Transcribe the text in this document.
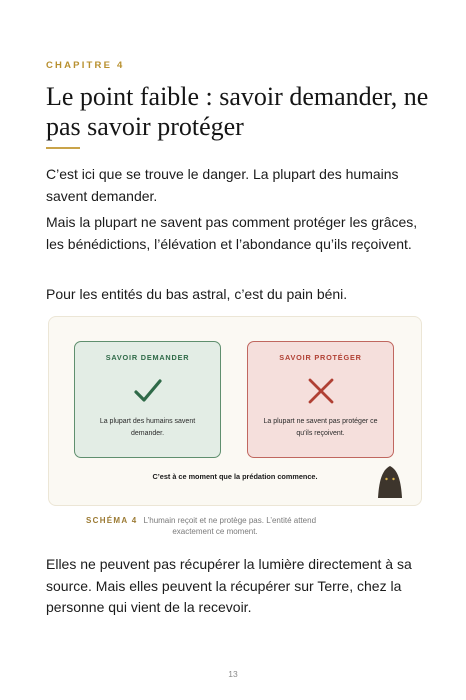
CHAPITRE 4
Le point faible : savoir demander, ne pas savoir protéger

C’est ici que se trouve le danger. La plupart des humains savent demander.

Mais la plupart ne savent pas comment protéger les grâces, les bénédictions, l’élévation et l’abondance qu’ils reçoivent.

Pour les entités du bas astral, c’est du pain béni.

SAVOIR DEMANDER
La plupart des humains savent demander.
SAVOIR PROTÉGER
La plupart ne savent pas protéger ce qu’ils reçoivent.
C’est à ce moment que la prédation commence.
SCHÉMA 4 L’humain reçoit et ne protège pas. L’entité attend
exactement ce moment.

Elles ne peuvent pas récupérer la lumière directement à sa source. Mais elles peuvent la récupérer sur Terre, chez la personne qui vient de la recevoir.

13
